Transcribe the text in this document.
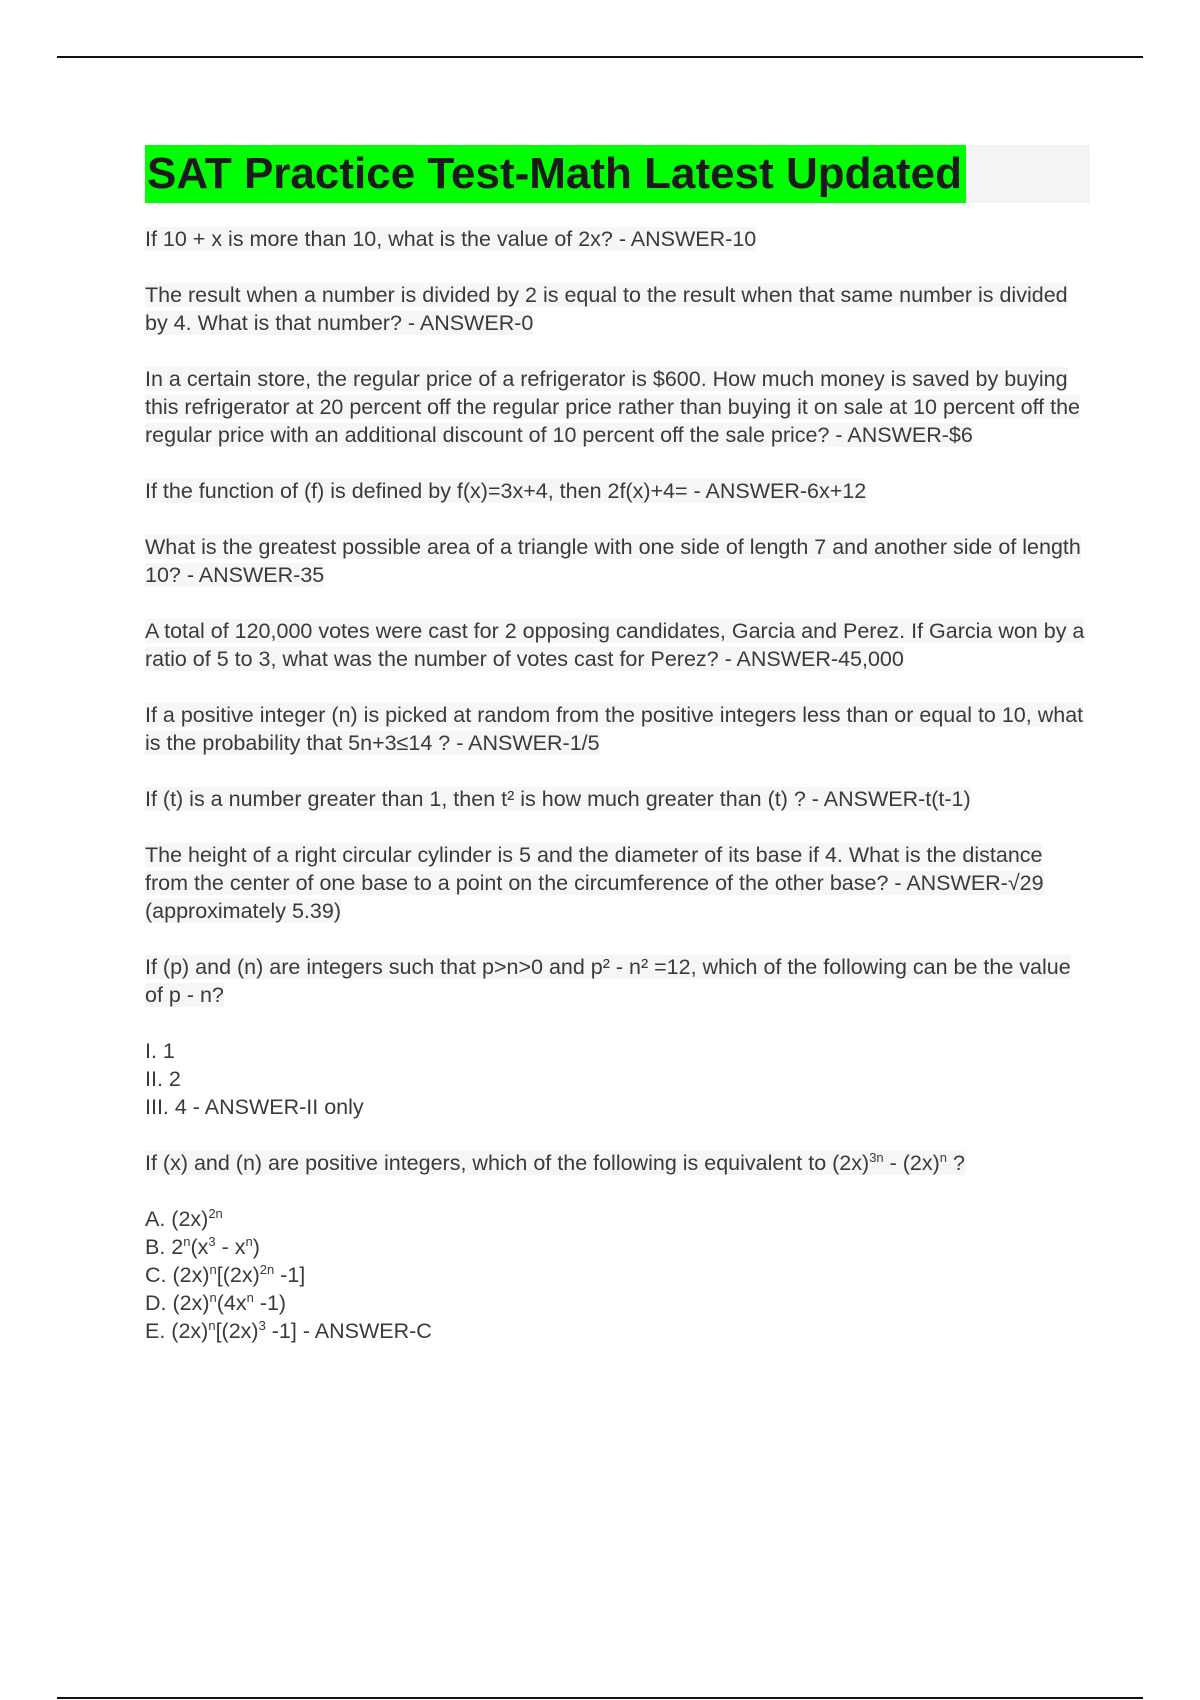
SAT Practice Test-Math Latest Updated

If 10 + x is more than 10, what is the value of 2x? - ANSWER-10

The result when a number is divided by 2 is equal to the result when that same number is divided by 4. What is that number? - ANSWER-0

In a certain store, the regular price of a refrigerator is $600. How much money is saved by buying this refrigerator at 20 percent off the regular price rather than buying it on sale at 10 percent off the regular price with an additional discount of 10 percent off the sale price? - ANSWER-$6

If the function of (f) is defined by f(x)=3x+4, then 2f(x)+4= - ANSWER-6x+12

What is the greatest possible area of a triangle with one side of length 7 and another side of length 10? - ANSWER-35

A total of 120,000 votes were cast for 2 opposing candidates, Garcia and Perez. If Garcia won by a ratio of 5 to 3, what was the number of votes cast for Perez? - ANSWER-45,000

If a positive integer (n) is picked at random from the positive integers less than or equal to 10, what is the probability that 5n+3≤14 ? - ANSWER-1/5

If (t) is a number greater than 1, then t² is how much greater than (t) ? - ANSWER-t(t-1)

The height of a right circular cylinder is 5 and the diameter of its base if 4. What is the distance from the center of one base to a point on the circumference of the other base? - ANSWER-√29 (approximately 5.39)

If (p) and (n) are integers such that p>n>0 and p² - n² =12, which of the following can be the value of p - n?

I. 1
II. 2
III. 4 - ANSWER-II only

If (x) and (n) are positive integers, which of the following is equivalent to $(2x)^{3n} - (2x)^n$ ?

A. $(2x)^{2n}$
B. $2^n(x^3 - x^n)$
C. $(2x)^n[(2x)^{2n}$ -1]
D. $(2x)^n(4x^n$ -1)
E. $(2x)^n[(2x)^3$ -1] - ANSWER-C
